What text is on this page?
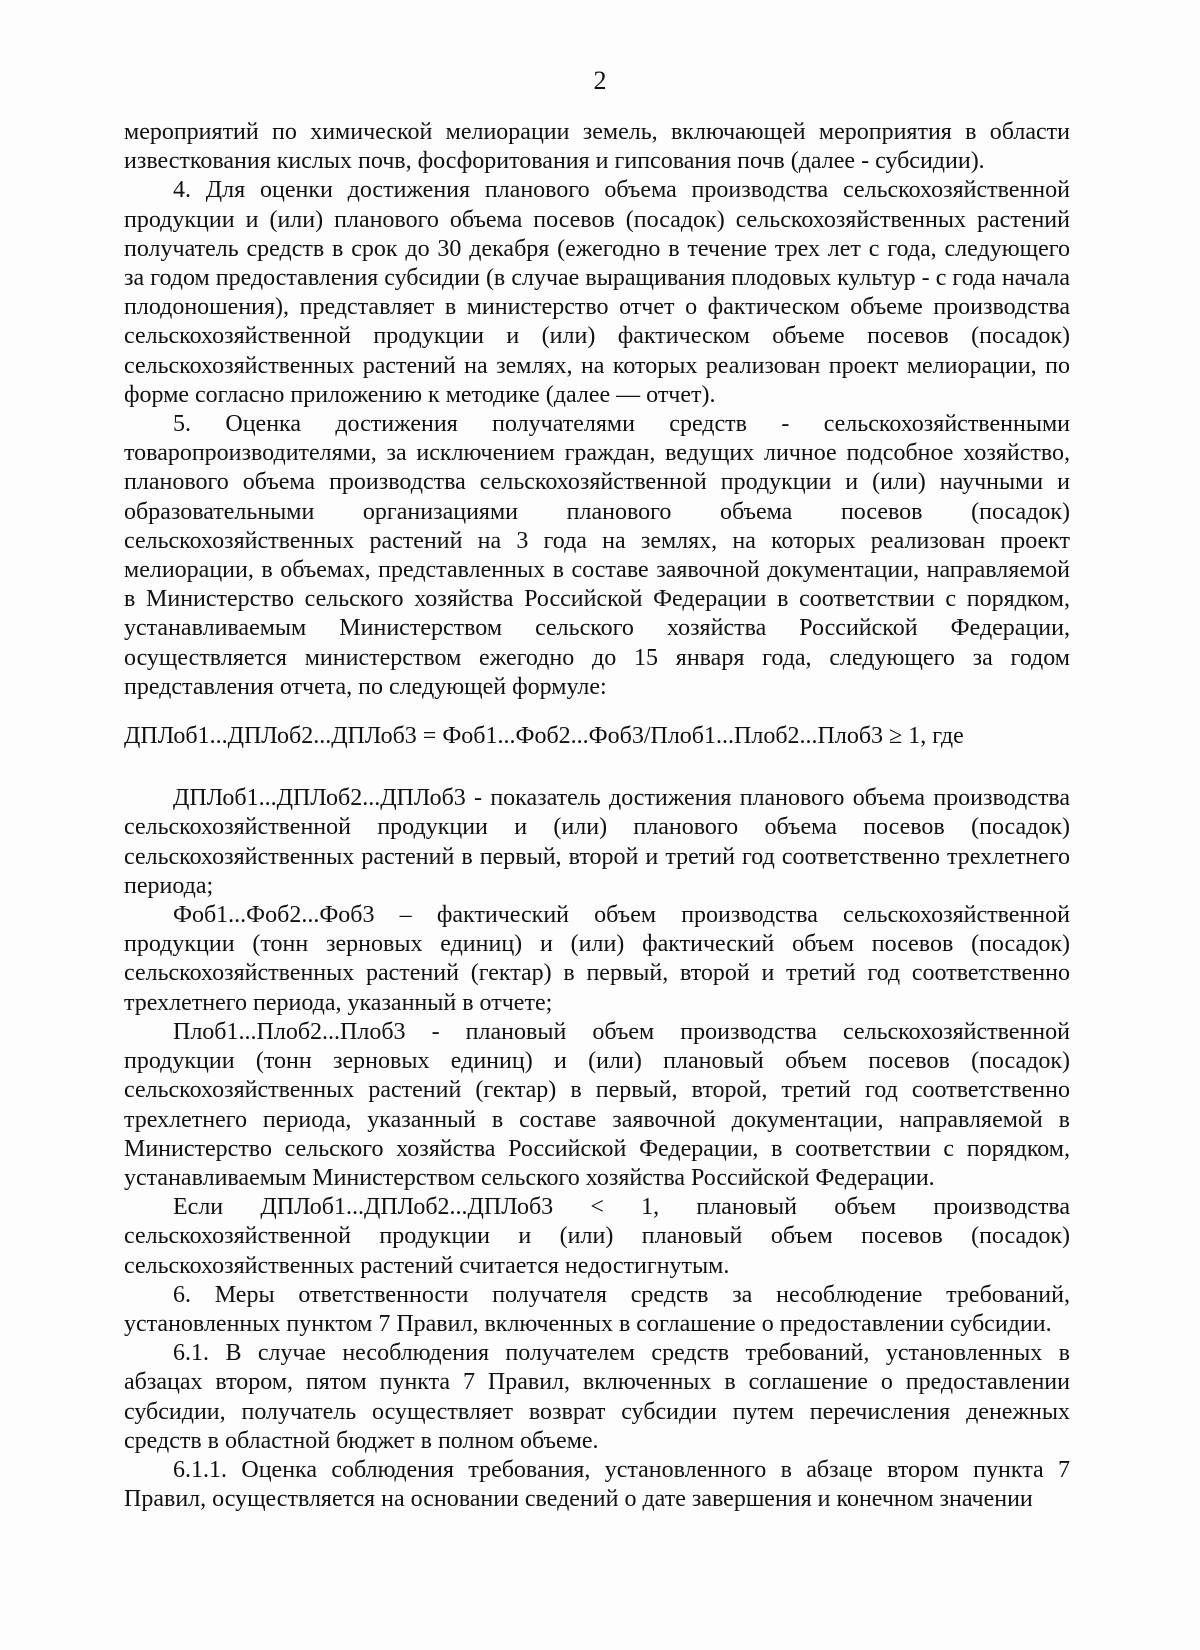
2

мероприятий по химической мелиорации земель, включающей мероприятия в области известкования кислых почв, фосфоритования и гипсования почв (далее - субсидии).

4. Для оценки достижения планового объема производства сельскохозяйственной продукции и (или) планового объема посевов (посадок) сельскохозяйственных растений получатель средств в срок до 30 декабря (ежегодно в течение трех лет с года, следующего за годом предоставления субсидии (в случае выращивания плодовых культур - с года начала плодоношения), представляет в министерство отчет о фактическом объеме производства сельскохозяйственной продукции и (или) фактическом объеме посевов (посадок) сельскохозяйственных растений на землях, на которых реализован проект мелиорации, по форме согласно приложению к методике (далее — отчет).

5. Оценка достижения получателями средств - сельскохозяйственными товаропроизводителями, за исключением граждан, ведущих личное подсобное хозяйство, планового объема производства сельскохозяйственной продукции и (или) научными и образовательными организациями планового объема посевов (посадок) сельскохозяйственных растений на 3 года на землях, на которых реализован проект мелиорации, в объемах, представленных в составе заявочной документации, направляемой в Министерство сельского хозяйства Российской Федерации в соответствии с порядком, устанавливаемым Министерством сельского хозяйства Российской Федерации, осуществляется министерством ежегодно до 15 января года, следующего за годом представления отчета, по следующей формуле:

ДПЛоб1...ДПЛоб2...ДПЛоб3 = Фоб1...Фоб2...Фоб3/Плоб1...Плоб2...Плоб3 ≥ 1, где

ДПЛоб1...ДПЛоб2...ДПЛоб3 - показатель достижения планового объема производства сельскохозяйственной продукции и (или) планового объема посевов (посадок) сельскохозяйственных растений в первый, второй и третий год соответственно трехлетнего периода;

Фоб1...Фоб2...Фоб3 – фактический объем производства сельскохозяйственной продукции (тонн зерновых единиц) и (или) фактический объем посевов (посадок) сельскохозяйственных растений (гектар) в первый, второй и третий год соответственно трехлетнего периода, указанный в отчете;

Плоб1...Плоб2...Плоб3 - плановый объем производства сельскохозяйственной продукции (тонн зерновых единиц) и (или) плановый объем посевов (посадок) сельскохозяйственных растений (гектар) в первый, второй, третий год соответственно трехлетнего периода, указанный в составе заявочной документации, направляемой в Министерство сельского хозяйства Российской Федерации, в соответствии с порядком, устанавливаемым Министерством сельского хозяйства Российской Федерации.

Если ДПЛоб1...ДПЛоб2...ДПЛоб3 < 1, плановый объем производства сельскохозяйственной продукции и (или) плановый объем посевов (посадок) сельскохозяйственных растений считается недостигнутым.

6. Меры ответственности получателя средств за несоблюдение требований, установленных пунктом 7 Правил, включенных в соглашение о предоставлении субсидии.

6.1. В случае несоблюдения получателем средств требований, установленных в абзацах втором, пятом пункта 7 Правил, включенных в соглашение о предоставлении субсидии, получатель осуществляет возврат субсидии путем перечисления денежных средств в областной бюджет в полном объеме.

6.1.1. Оценка соблюдения требования, установленного в абзаце втором пункта 7 Правил, осуществляется на основании сведений о дате завершения и конечном значении
